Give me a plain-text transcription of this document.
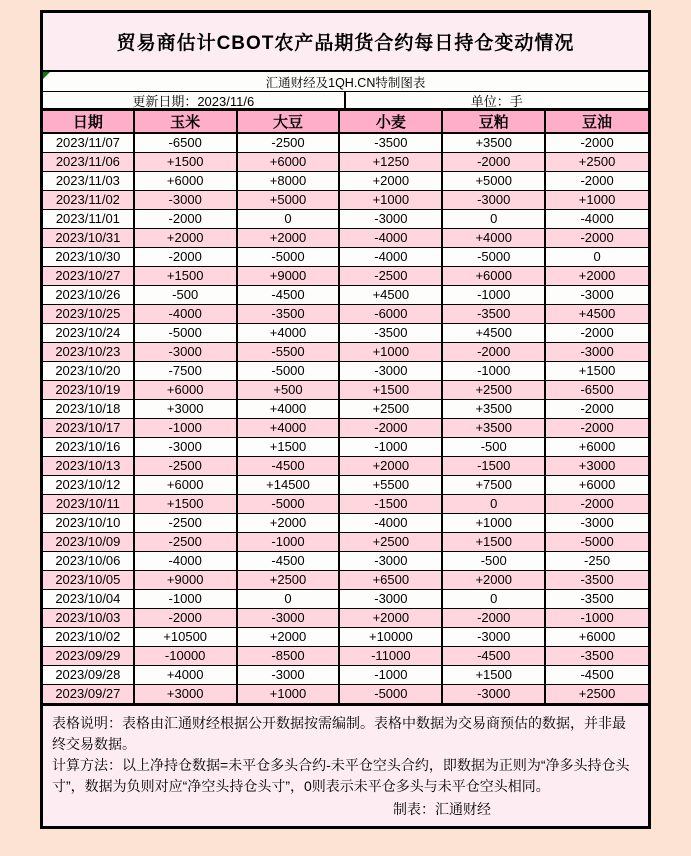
贸易商估计CBOT农产品期货合约每日持仓变动情况
汇通财经及1QH.CN特制图表
更新日期：2023/11/6	单位：手
日期	玉米	大豆	小麦	豆粕	豆油
2023/11/07	-6500	-2500	-3500	+3500	-2000
2023/11/06	+1500	+6000	+1250	-2000	+2500
2023/11/03	+6000	+8000	+2000	+5000	-2000
2023/11/02	-3000	+5000	+1000	-3000	+1000
2023/11/01	-2000	0	-3000	0	-4000
2023/10/31	+2000	+2000	-4000	+4000	-2000
2023/10/30	-2000	-5000	-4000	-5000	0
2023/10/27	+1500	+9000	-2500	+6000	+2000
2023/10/26	-500	-4500	+4500	-1000	-3000
2023/10/25	-4000	-3500	-6000	-3500	+4500
2023/10/24	-5000	+4000	-3500	+4500	-2000
2023/10/23	-3000	-5500	+1000	-2000	-3000
2023/10/20	-7500	-5000	-3000	-1000	+1500
2023/10/19	+6000	+500	+1500	+2500	-6500
2023/10/18	+3000	+4000	+2500	+3500	-2000
2023/10/17	-1000	+4000	-2000	+3500	-2000
2023/10/16	-3000	+1500	-1000	-500	+6000
2023/10/13	-2500	-4500	+2000	-1500	+3000
2023/10/12	+6000	+14500	+5500	+7500	+6000
2023/10/11	+1500	-5000	-1500	0	-2000
2023/10/10	-2500	+2000	-4000	+1000	-3000
2023/10/09	-2500	-1000	+2500	+1500	-5000
2023/10/06	-4000	-4500	-3000	-500	-250
2023/10/05	+9000	+2500	+6500	+2000	-3500
2023/10/04	-1000	0	-3000	0	-3500
2023/10/03	-2000	-3000	+2000	-2000	-1000
2023/10/02	+10500	+2000	+10000	-3000	+6000
2023/09/29	-10000	-8500	-11000	-4500	-3500
2023/09/28	+4000	-3000	-1000	+1500	-4500
2023/09/27	+3000	+1000	-5000	-3000	+2500
表格说明：表格由汇通财经根据公开数据按需编制。表格中数据为交易商预估的数据，并非最终交易数据。
计算方法：以上净持仓数据=未平仓多头合约-未平仓空头合约，即数据为正则为“净多头持仓头寸”，数据为负则对应“净空头持仓头寸”，0则表示未平仓多头与未平仓空头相同。
制表：汇通财经
